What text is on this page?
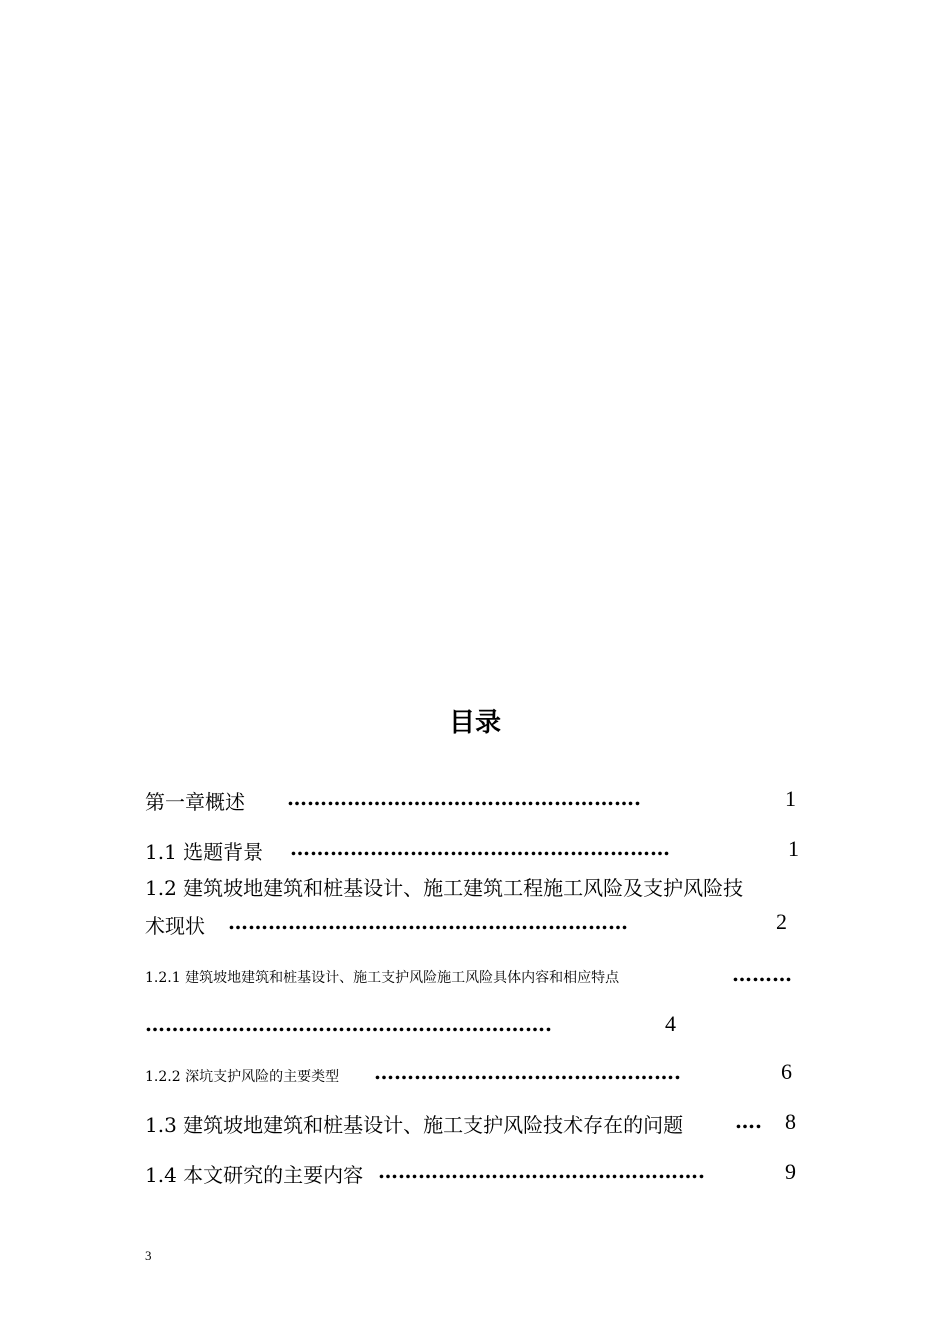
目录
第一章概述 ……………………….…………………….	1
1.1 选题背景 …………………………………………………	1
1.2 建筑坡地建筑和桩基设计、施工建筑工程施工风险及支护风险技
术现状 ……………………………………………………	2
1.2.1 建筑坡地建筑和桩基设计、施工支护风险施工风险具体内容和相应特点	………
…………………………………………………….	4
1.2.2 深坑支护风险的主要类型 ……………………………………….	6
1.3 建筑坡地建筑和桩基设计、施工支护风险技术存在的问题	…. 8
1.4 本文研究的主要内容 ………………………………………….	9
3
